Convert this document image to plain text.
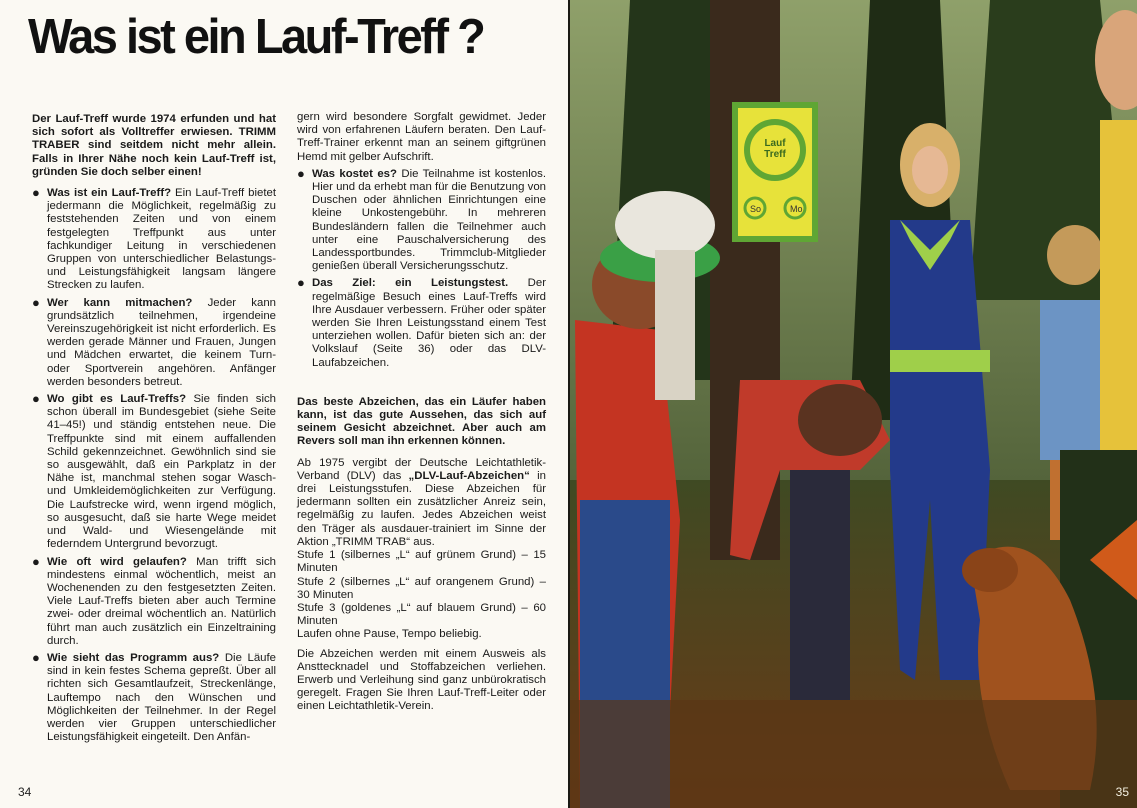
Was ist ein Lauf-Treff ?

Der Lauf-Treff wurde 1974 erfunden und hat sich sofort als Volltreffer erwiesen. TRIMM TRABER sind seitdem nicht mehr allein. Falls in Ihrer Nähe noch kein Lauf-Treff ist, gründen Sie doch selber einen!

● Was ist ein Lauf-Treff? Ein Lauf-Treff bietet jedermann die Möglichkeit, regelmäßig zu feststehenden Zeiten und von einem festgelegten Treffpunkt aus unter fachkundiger Leitung in verschiedenen Gruppen von unterschiedlicher Belastungs- und Leistungsfähigkeit langsam längere Strecken zu laufen.

● Wer kann mitmachen? Jeder kann grundsätzlich teilnehmen, irgendeine Vereinszugehörigkeit ist nicht erforderlich. Es werden gerade Männer und Frauen, Jungen und Mädchen erwartet, die keinem Turn- oder Sportverein angehören. Anfänger werden besonders betreut.

● Wo gibt es Lauf-Treffs? Sie finden sich schon überall im Bundesgebiet (siehe Seite 41–45!) und ständig entstehen neue. Die Treffpunkte sind mit einem auffallenden Schild gekennzeichnet. Gewöhnlich sind sie so ausgewählt, daß ein Parkplatz in der Nähe ist, manchmal stehen sogar Wasch- und Umkleidemöglichkeiten zur Verfügung. Die Laufstrecke wird, wenn irgend möglich, so ausgesucht, daß sie harte Wege meidet und Wald- und Wiesengelände mit federndem Untergrund bevorzugt.

● Wie oft wird gelaufen? Man trifft sich mindestens einmal wöchentlich, meist an Wochenenden zu den festgesetzten Zeiten. Viele Lauf-Treffs bieten aber auch Termine zwei- oder dreimal wöchentlich an. Natürlich führt man auch zusätzlich ein Einzeltraining durch.

● Wie sieht das Programm aus? Die Läufe sind in kein festes Schema gepreßt. Über all richten sich Gesamtlaufzeit, Streckenlänge, Lauftempo nach den Wünschen und Möglichkeiten der Teilnehmer. In der Regel werden vier Gruppen unterschiedlicher Leistungsfähigkeit eingeteilt. Den Anfän-

gern wird besondere Sorgfalt gewidmet. Jeder wird von erfahrenen Läufern beraten. Den Lauf-Treff-Trainer erkennt man an seinem giftgrünen Hemd mit gelber Aufschrift.

● Was kostet es? Die Teilnahme ist kostenlos. Hier und da erhebt man für die Benutzung von Duschen oder ähnlichen Einrichtungen eine kleine Unkostengebühr. In mehreren Bundesländern fallen die Teilnehmer auch unter eine Pauschalversicherung des Landessportbundes. Trimmclub-Mitglieder genießen überall Versicherungsschutz.

● Das Ziel: ein Leistungstest. Der regelmäßige Besuch eines Lauf-Treffs wird Ihre Ausdauer verbessern. Früher oder später werden Sie Ihren Leistungsstand einem Test unterziehen wollen. Dafür bieten sich an: der Volkslauf (Seite 36) oder das DLV-Laufabzeichen.

Das beste Abzeichen, das ein Läufer haben kann, ist das gute Aussehen, das sich auf seinem Gesicht abzeichnet. Aber auch am Revers soll man ihn erkennen können.

Ab 1975 vergibt der Deutsche Leichtathletik-Verband (DLV) das „DLV-Lauf-Abzeichen“ in drei Leistungsstufen. Diese Abzeichen für jedermann sollten ein zusätzlicher Anreiz sein, regelmäßig zu laufen. Jedes Abzeichen weist den Träger als ausdauer-trainiert im Sinne der Aktion „TRIMM TRAB“ aus.

Stufe 1 (silbernes „L“ auf grünem Grund) – 15 Minuten

Stufe 2 (silbernes „L“ auf orangenem Grund) – 30 Minuten

Stufe 3 (goldenes „L“ auf blauem Grund) – 60 Minuten

Laufen ohne Pause, Tempo beliebig.

Die Abzeichen werden mit einem Ausweis als Ansttecknadel und Stoffabzeichen verliehen. Erwerb und Verleihung sind ganz unbürokratisch geregelt. Fragen Sie Ihren Lauf-Treff-Leiter oder einen Leichtathletik-Verein.

34
Lauf
Treff
So	Mo
35
